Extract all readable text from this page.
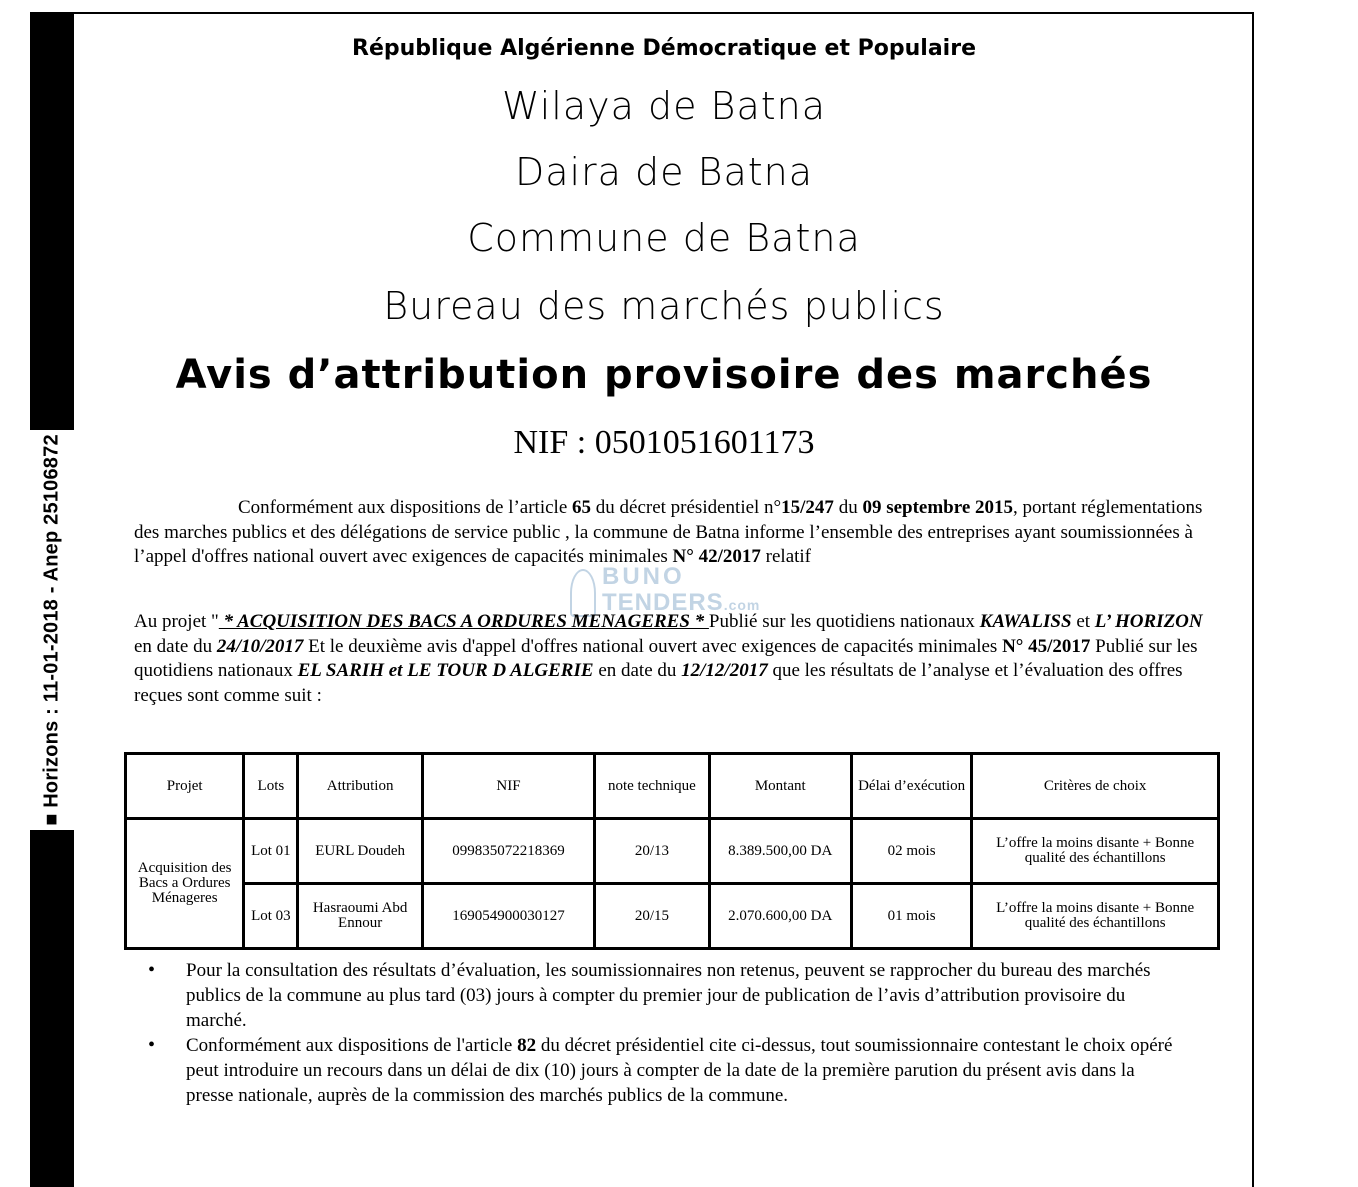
■ Horizons : 11-01-2018 - Anep 25106872
République Algérienne Démocratique et Populaire
Wilaya de Batna
Daira de Batna
Commune de Batna
Bureau des marchés publics
Avis d’attribution provisoire des marchés
NIF : 0501051601173
Conformément aux dispositions de l’article 65 du décret présidentiel n°15/247 du 09 septembre 2015, portant réglementations des marches publics et des délégations de service public , la commune de Batna informe l’ensemble des entreprises ayant soumissionnées à l’appel d'offres national ouvert avec exigences de capacités minimales N° 42/2017 relatif
BUNO
TENDERS.com
Au projet " * ACQUISITION DES BACS A ORDURES MENAGERES * Publié sur les quotidiens nationaux KAWALISS et L’ HORIZON en date du 24/10/2017 Et le deuxième avis d'appel d'offres national ouvert avec exigences de capacités minimales N° 45/2017 Publié sur les quotidiens nationaux EL SARIH et LE TOUR D ALGERIE en date du 12/12/2017 que les résultats de l’analyse et l’évaluation des offres reçues sont comme suit :
Projet	Lots	Attribution	NIF	note technique	Montant	Délai d’exécution	Critères de choix
Acquisition des Bacs a Ordures Ménageres	Lot 01	EURL Doudeh	099835072218369	20/13	8.389.500,00 DA	02 mois	L’offre la moins disante + Bonne qualité des échantillons
	Lot 03	Hasraoumi Abd Ennour	169054900030127	20/15	2.070.600,00 DA	01 mois	L’offre la moins disante + Bonne qualité des échantillons
• Pour la consultation des résultats d’évaluation, les soumissionnaires non retenus, peuvent se rapprocher du bureau des marchés publics de la commune au plus tard (03) jours à compter du premier jour de publication de l’avis d’attribution provisoire du marché.
• Conformément aux dispositions de l'article 82 du décret présidentiel cite ci-dessus, tout soumissionnaire contestant le choix opéré peut introduire un recours dans un délai de dix (10) jours à compter de la date de la première parution du présent avis dans la presse nationale, auprès de la commission des marchés publics de la commune.
